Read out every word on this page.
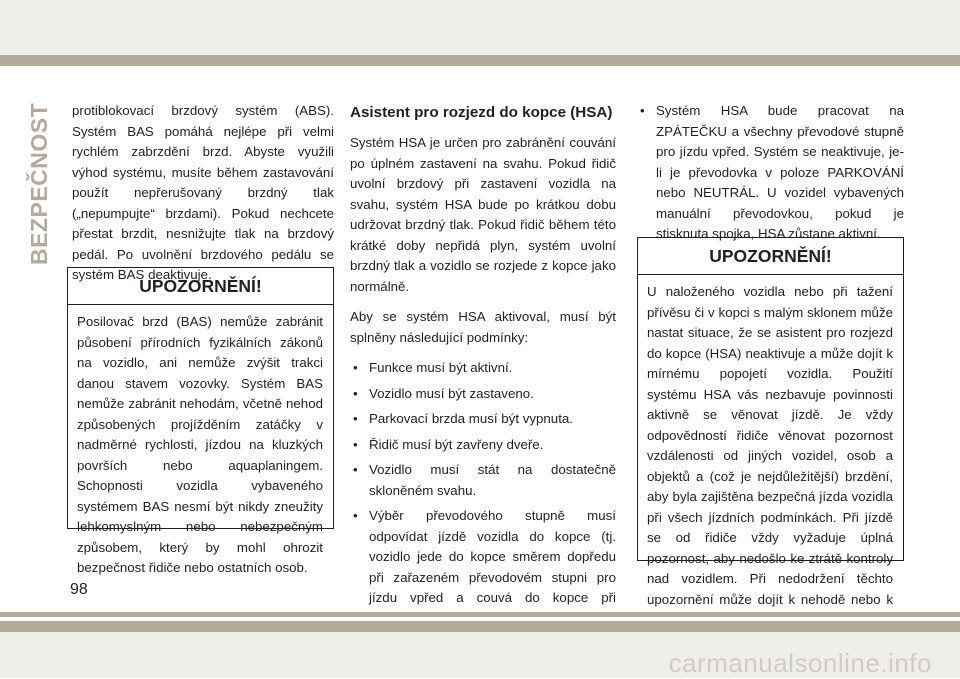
BEZPEČNOST protiblokovací brzdový systém (ABS). Systém BAS pomáhá nejlépe při velmi rychlém zabrzdění brzd. Abyste využili výhod systému, musíte během zastavování použít nepřerušovaný brzdný tlak („nepumpujte“ brzdami). Pokud nechcete přestat brzdit, nesnižujte tlak na brzdový pedál. Po uvolnění brzdového pedálu se systém BAS deaktivuje.

UPOZORNĚNÍ!
Posilovač brzd (BAS) nemůže zabránit působení přírodních fyzikálních zákonů na vozidlo, ani nemůže zvýšit trakci danou stavem vozovky. Systém BAS nemůže zabránit nehodám, včetně nehod způsobených projížděním zatáčky v nadměrné rychlosti, jízdou na kluzkých površích nebo aquaplaningem. Schopnosti vozidla vybaveného systémem BAS nesmí být nikdy zneužity lehkomyslným nebo nebezpečným způsobem, který by mohl ohrozit bezpečnost řidiče nebo ostatních osob.
Asistent pro rozjezd do kopce (HSA)

Systém HSA je určen pro zabránění couvání po úplném zastavení na svahu. Pokud řidič uvolní brzdový při zastavení vozidla na svahu, systém HSA bude po krátkou dobu udržovat brzdný tlak. Pokud řidič během této krátké doby nepřidá plyn, systém uvolní brzdný tlak a vozidlo se rozjede z kopce jako normálně.

Aby se systém HSA aktivoval, musí být splněny následující podmínky:

• Funkce musí být aktivní.
• Vozidlo musí být zastaveno.
• Parkovací brzda musí být vypnuta.
• Řidič musí být zavřeny dveře.
• Vozidlo musí stát na dostatečně skloněném svahu.
• Výběr převodového stupně musí odpovídat jízdě vozidla do kopce (tj. vozidlo jede do kopce směrem dopředu při zařazeném převodovém stupni pro jízdu vpřed a couvá do kopce při
• Systém HSA bude pracovat na ZPÁTEČKU a všechny převodové stupně pro jízdu vpřed. Systém se neaktivuje, je-li je převodovka v poloze PARKOVÁNÍ nebo NEUTRÁL. U vozidel vybavených manuální převodovkou, pokud je stisknuta spojka, HSA zůstane aktivní.
UPOZORNĚNÍ!
U naloženého vozidla nebo při tažení přívěsu či v kopci s malým sklonem může nastat situace, že se asistent pro rozjezd do kopce (HSA) neaktivuje a může dojít k mírnému popojetí vozidla. Použití systému HSA vás nezbavuje povinnosti aktivně se věnovat jízdě. Je vždy odpovědností řidiče věnovat pozornost vzdálenosti od jiných vozidel, osob a objektů a (což je nejdůležitější) brzdění, aby byla zajištěna bezpečná jízda vozidla při všech jízdních podmínkách. Při jízdě se od řidiče vždy vyžaduje úplná pozornost, aby nedošlo ke ztrátě kontroly nad vozidlem. Při nedodržení těchto upozornění může dojít k nehodě nebo k
98
carmanualsonline.info
